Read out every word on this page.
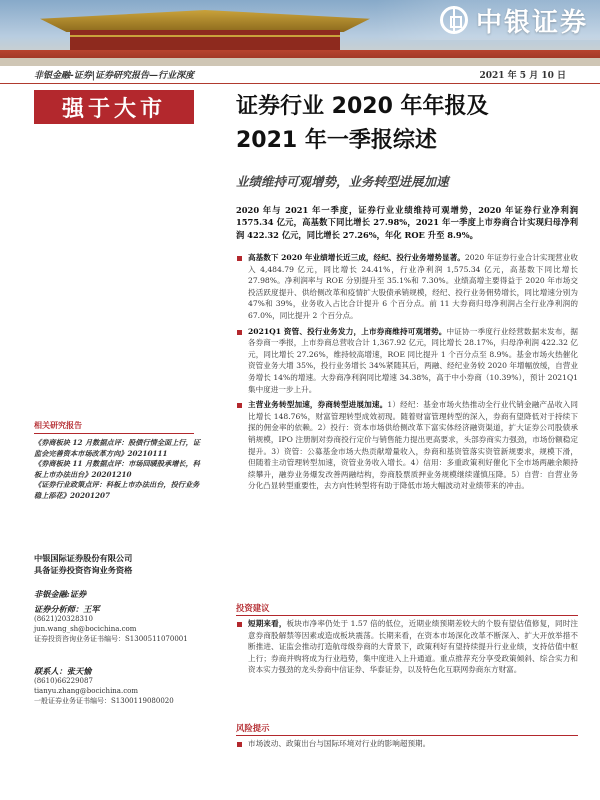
中银证券
非银金融-证券|证券研究报告—行业深度	2021 年 5 月 10 日
强于大市	证券行业 2020 年年报及
2021 年一季报综述
业绩维持可观增势，业务转型进展加速
2020 年与 2021 年一季度，证券行业业绩维持可观增势，2020 年证券行业净利润 1575.34 亿元，高基数下同比增长 27.98%，2021 年一季度上市券商合计实现归母净利润 422.32 亿元，同比增长 27.26%，年化 ROE 升至 8.9%。
高基数下 2020 年业绩增长近三成，经纪、投行业务增势显著。2020 年证券行业合计实现营业收入 4,484.79 亿元，同比增长 24.41%，行业净利润 1,575.34 亿元，高基数下同比增长 27.98%。净利润率与 ROE 分别提升至 35.1%和 7.30%。业绩高增主要得益于 2020 年市场交投活跃度提升、供给侧改革和疫情扩大股债承销规模，经纪、投行业务佣势增长，同比增速分别为 47%和 39%，业务收入占比合计提升 6 个百分点。前 11 大券商归母净利润占全行业净利润的 67.0%，同比提升 2 个百分点。
2021Q1 资管、投行业务发力，上市券商维持可观增势。中证协一季度行业经营数据未发布，据各券商一季报，上市券商总营收合计 1,367.92 亿元，同比增长 28.17%，归母净利润 422.32 亿元，同比增长 27.26%，维持较高增速，ROE 同比提升 1 个百分点至 8.9%。基金市场火热催化资管业务大增 35%，投行业务增长 34%紧随其后，两融、经纪业务较 2020 年增幅放缓，自营业务增长 14%的增速。大券商净利润同比增速 34.38%，高于中小券商（10.39%），预计 2021Q1 集中度进一步上升。
主营业务转型加速，券商转型进展加速。1）经纪：基金市场火热推动全行业代销金融产品收入同比增长 148.76%，财富管理转型成效初现。随着财富管理转型的深入，券商有望降低对于持续下探的佣金率的依赖。2）投行：资本市场供给侧改革下富实体经济融资渠道，扩大证券公司股债承销规模，IPO 注册制对券商投行定价与销售能力提出更高要求，头部券商实力强劲，市场份额稳定提升。3）资管：公募基金市场大热贡献增量收入，券商和基资管落实资管新规要求，规模下滑，但随着主动管理转型加速，资管业务收入增长。4）信用：多重政策利好催化下全市场两融余额持续攀升，融券业务爆发改善两融结构，券商股票质押业务规模继续谨慎压降。5）自营：自营业务分化凸显转型重要性，去方向性转型将有助于降低市场大幅波动对业绩带来的冲击。
投资建议
短期来看，板块市净率仍处于 1.57 倍的低位，近期业绩预期差较大的个股有望估值修复，同时注意券商股解禁等因素或造成板块震荡。长期来看，在资本市场深化改革不断深入、扩大开放举措不断推进、证监会推动打造航母级券商的大背景下，政策利好有望持续提升行业业绩，支持估值中枢上行；券商并购将成为行业趋势，集中度进入上升通道。重点推荐充分享受政策倾斜、综合实力和资本实力强劲的龙头券商中信证券、华泰证券，以及特色化互联网券商东方财富。
风险提示
市场波动、政策出台与国际环境对行业的影响超预期。
相关研究报告

《券商板块 12 月数据点评：股债行情全面上行，证监会完善资本市场改革方向》20210111

《券商板块 11 月数据点评：市场回暖股承增长，科板上市办法出台》20201210

《证券行业政策点评：科板上市办法出台，投行业务稳上添花》20201207

中银国际证券股份有限公司
具备证券投资咨询业务资格
非银金融:证券
证券分析师：王军
(8621)20328310
jun.wang_sh@bocichina.com
证券投资咨询业务证书编号：S1300511070001
联系人：张天愉
(8610)66229087
tianyu.zhang@bocichina.com
一般证券业务证书编号：S1300119080020
